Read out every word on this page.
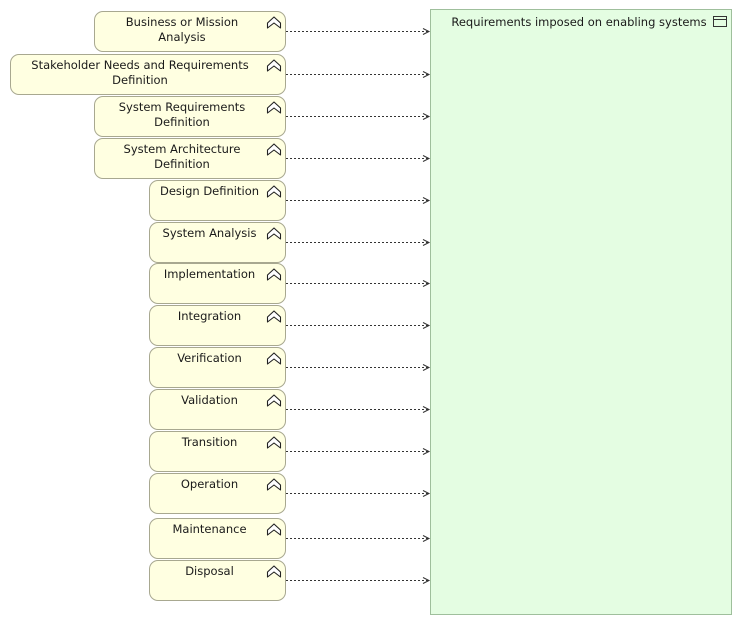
Requirements imposed on enabling systems
Business or Mission Analysis
Stakeholder Needs and Requirements Definition
System Requirements Definition
System Architecture Definition
Design Definition
System Analysis
Implementation
Integration
Verification
Validation
Transition
Operation
Maintenance
Disposal
